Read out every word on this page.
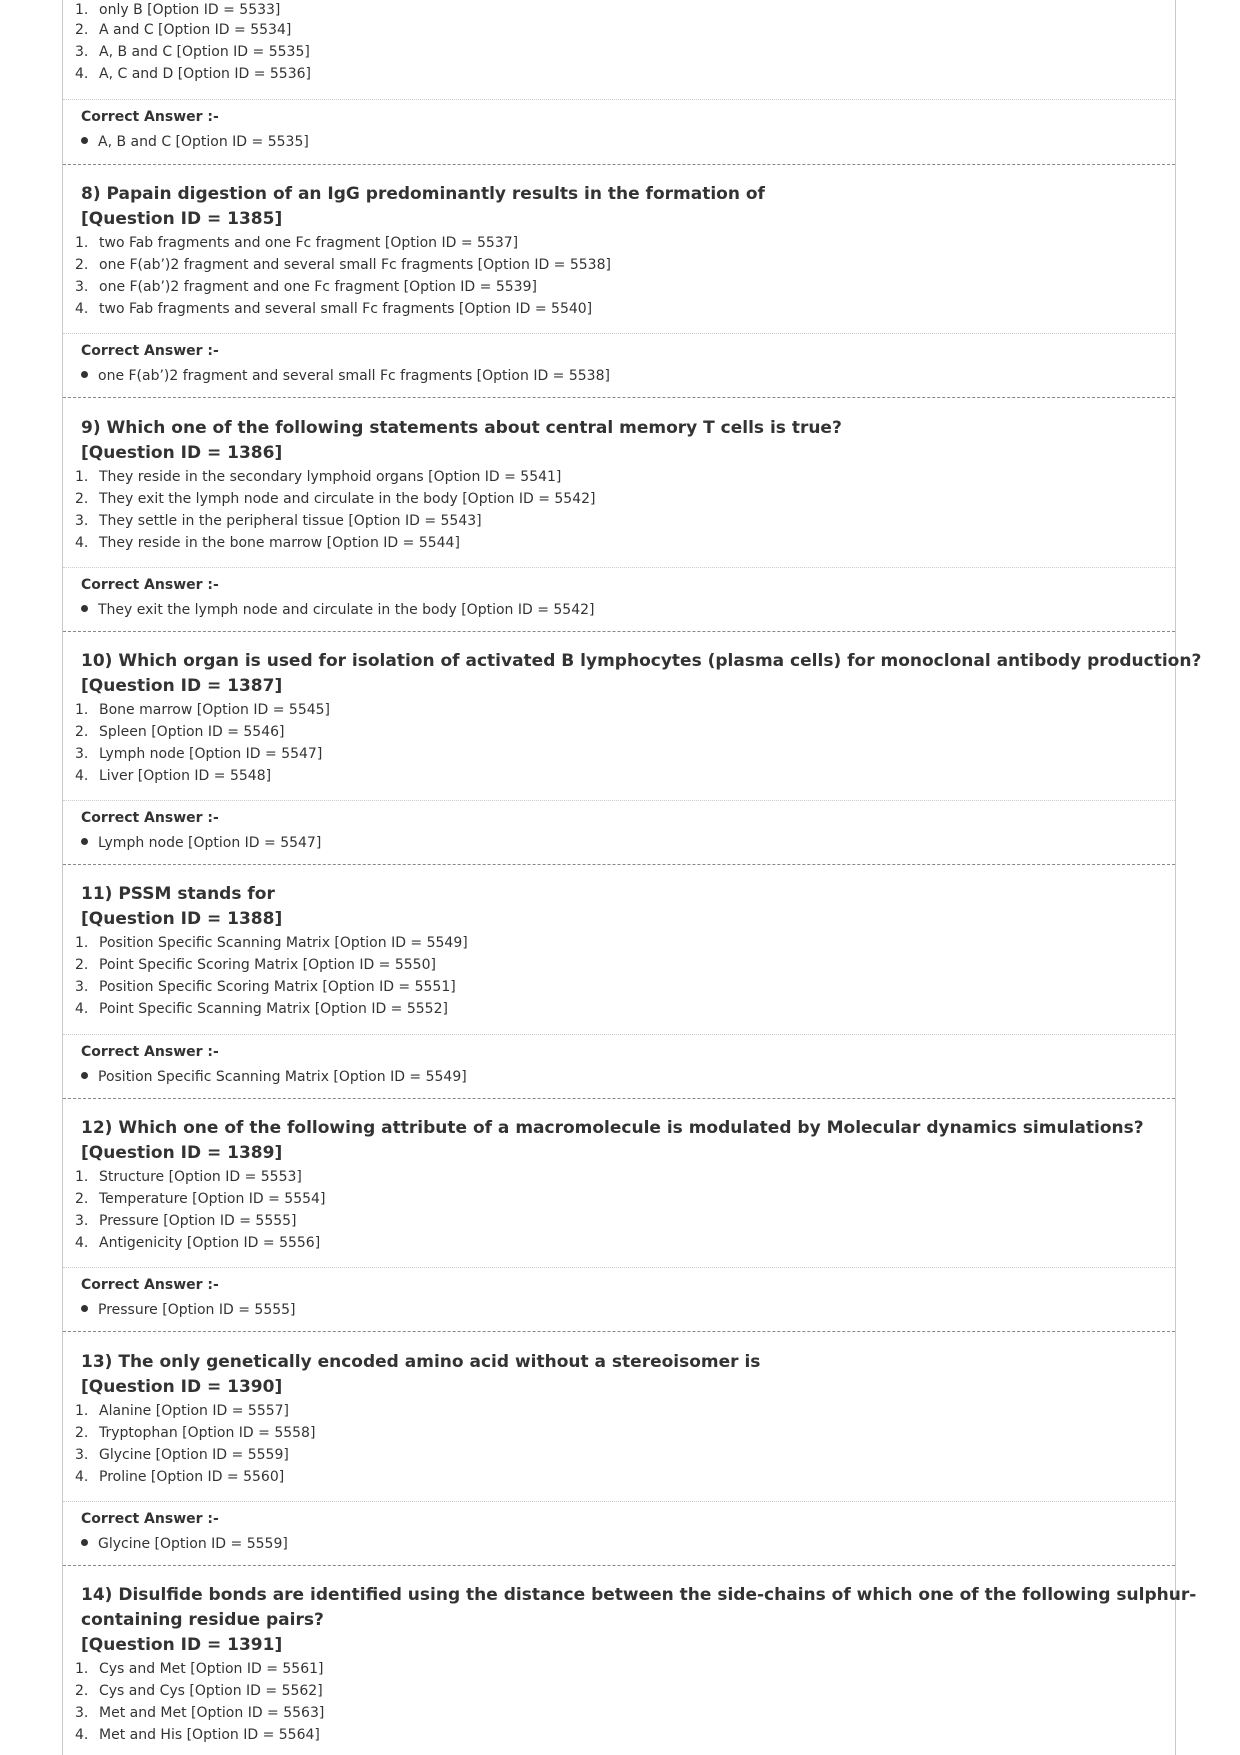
1. only B [Option ID = 5533]
2. A and C [Option ID = 5534]
3. A, B and C [Option ID = 5535]
4. A, C and D [Option ID = 5536]
Correct Answer :-
A, B and C [Option ID = 5535]
8) Papain digestion of an IgG predominantly results in the formation of
[Question ID = 1385]
1. two Fab fragments and one Fc fragment [Option ID = 5537]
2. one F(ab’)2 fragment and several small Fc fragments [Option ID = 5538]
3. one F(ab’)2 fragment and one Fc fragment [Option ID = 5539]
4. two Fab fragments and several small Fc fragments [Option ID = 5540]
Correct Answer :-
one F(ab’)2 fragment and several small Fc fragments [Option ID = 5538]
9) Which one of the following statements about central memory T cells is true?
[Question ID = 1386]
1. They reside in the secondary lymphoid organs [Option ID = 5541]
2. They exit the lymph node and circulate in the body [Option ID = 5542]
3. They settle in the peripheral tissue [Option ID = 5543]
4. They reside in the bone marrow [Option ID = 5544]
Correct Answer :-
They exit the lymph node and circulate in the body [Option ID = 5542]
10) Which organ is used for isolation of activated B lymphocytes (plasma cells) for monoclonal antibody production?
[Question ID = 1387]
1. Bone marrow [Option ID = 5545]
2. Spleen [Option ID = 5546]
3. Lymph node [Option ID = 5547]
4. Liver [Option ID = 5548]
Correct Answer :-
Lymph node [Option ID = 5547]
11) PSSM stands for
[Question ID = 1388]
1. Position Specific Scanning Matrix [Option ID = 5549]
2. Point Specific Scoring Matrix [Option ID = 5550]
3. Position Specific Scoring Matrix [Option ID = 5551]
4. Point Specific Scanning Matrix [Option ID = 5552]
Correct Answer :-
Position Specific Scanning Matrix [Option ID = 5549]
12) Which one of the following attribute of a macromolecule is modulated by Molecular dynamics simulations?
[Question ID = 1389]
1. Structure [Option ID = 5553]
2. Temperature [Option ID = 5554]
3. Pressure [Option ID = 5555]
4. Antigenicity [Option ID = 5556]
Correct Answer :-
Pressure [Option ID = 5555]
13) The only genetically encoded amino acid without a stereoisomer is
[Question ID = 1390]
1. Alanine [Option ID = 5557]
2. Tryptophan [Option ID = 5558]
3. Glycine [Option ID = 5559]
4. Proline [Option ID = 5560]
Correct Answer :-
Glycine [Option ID = 5559]
14) Disulfide bonds are identified using the distance between the side-chains of which one of the following sulphur-
containing residue pairs?
[Question ID = 1391]
1. Cys and Met [Option ID = 5561]
2. Cys and Cys [Option ID = 5562]
3. Met and Met [Option ID = 5563]
4. Met and His [Option ID = 5564]
